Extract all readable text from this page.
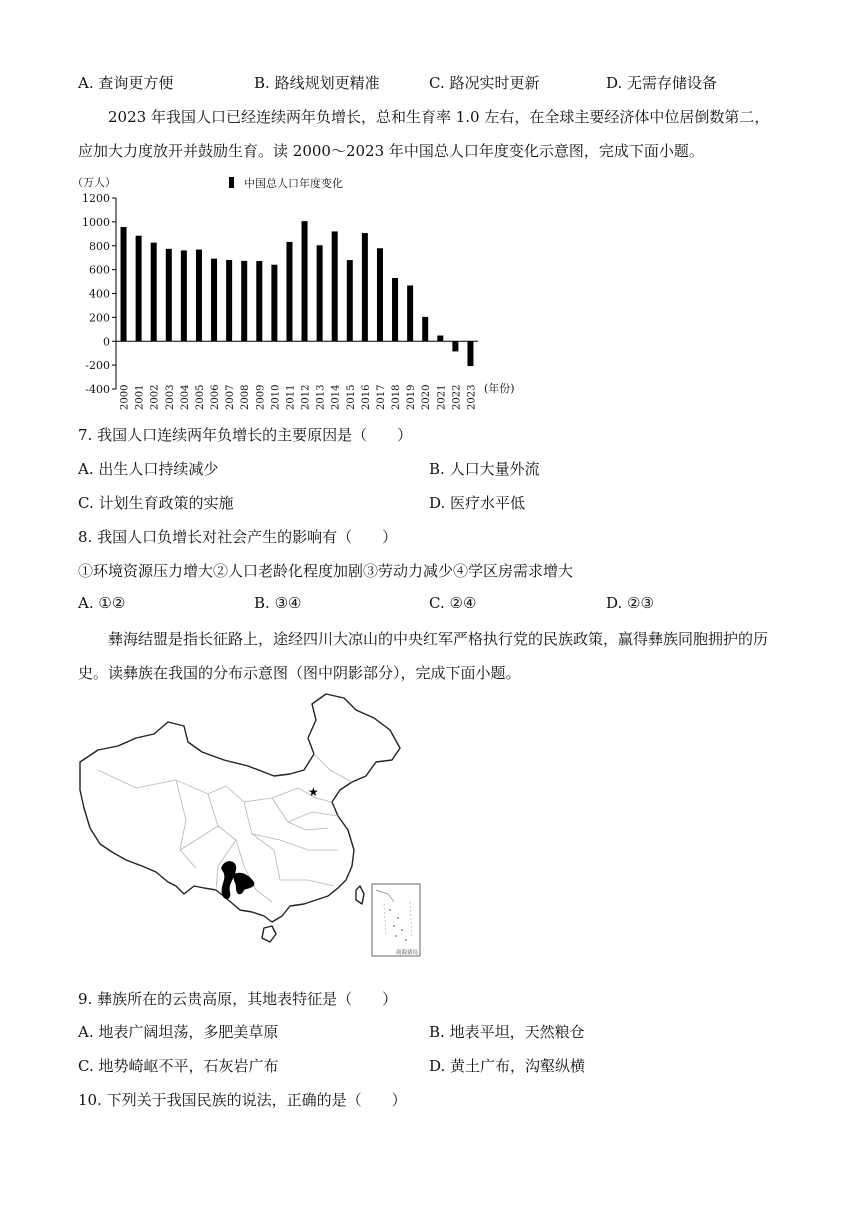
A. 查询更方便	B. 路线规划更精准	C. 路况实时更新	D. 无需存储设备
2023 年我国人口已经连续两年负增长，总和生育率 1.0 左右，在全球主要经济体中位居倒数第二，应加大力度放开并鼓励生育。读 2000～2023 年中国总人口年度变化示意图，完成下面小题。
（万人）	中国总人口年度变化
1200
1000
800
600
400
200
0
-200
-400 2000 2001 2002 2003 2004 2005 2006 2007 2008 2009 2010 2011 2012 2013 2014 2015 2016 2017 2018 2019 2020 2021 2022 2023 (年份)
7. 我国人口连续两年负增长的主要原因是（　　）
A. 出生人口持续减少	B. 人口大量外流
C. 计划生育政策的实施	D. 医疗水平低
8. 我国人口负增长对社会产生的影响有（　　）
①环境资源压力增大②人口老龄化程度加剧③劳动力减少④学区房需求增大
A. ①②	B. ③④	C. ②④	D. ②③
彝海结盟是指长征路上，途经四川大凉山的中央红军严格执行党的民族政策，赢得彝族同胞拥护的历史。读彝族在我国的分布示意图（图中阴影部分），完成下面小题。
★
南海诸岛
9. 彝族所在的云贵高原，其地表特征是（　　）
A. 地表广阔坦荡，多肥美草原	B. 地表平坦，天然粮仓
C. 地势崎岖不平，石灰岩广布	D. 黄土广布，沟壑纵横
10. 下列关于我国民族的说法，正确的是（　　）
